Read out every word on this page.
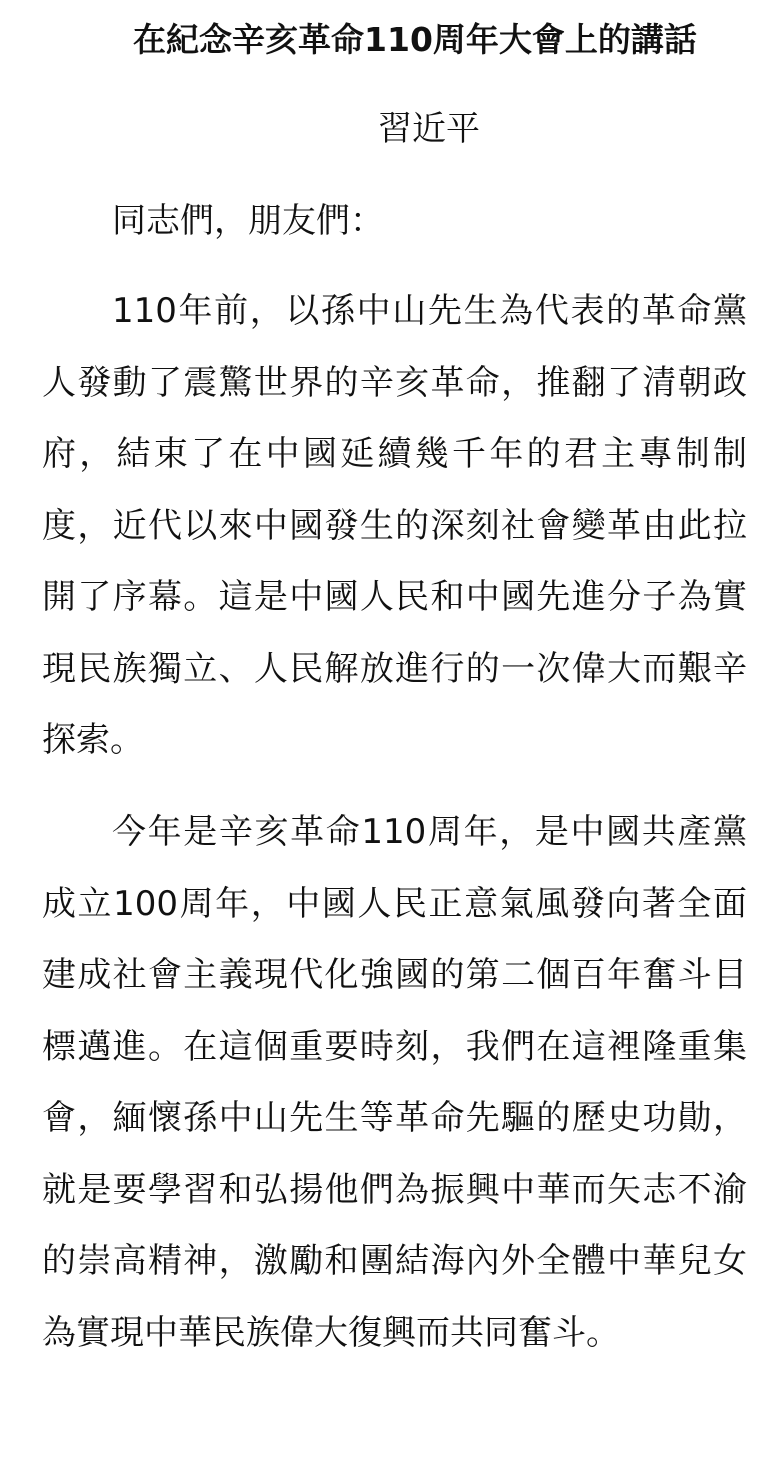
在紀念辛亥革命110周年大會上的講話
習近平
同志們，朋友們：

110年前，以孫中山先生為代表的革命黨人發動了震驚世界的辛亥革命，推翻了清朝政府，結束了在中國延續幾千年的君主專制制度，近代以來中國發生的深刻社會變革由此拉開了序幕。這是中國人民和中國先進分子為實現民族獨立、人民解放進行的一次偉大而艱辛探索。

今年是辛亥革命110周年，是中國共產黨成立100周年，中國人民正意氣風發向著全面建成社會主義現代化強國的第二個百年奮斗目標邁進。在這個重要時刻，我們在這裡隆重集會，緬懷孫中山先生等革命先驅的歷史功勛，就是要學習和弘揚他們為振興中華而矢志不渝的崇高精神，激勵和團結海內外全體中華兒女為實現中華民族偉大復興而共同奮斗。
